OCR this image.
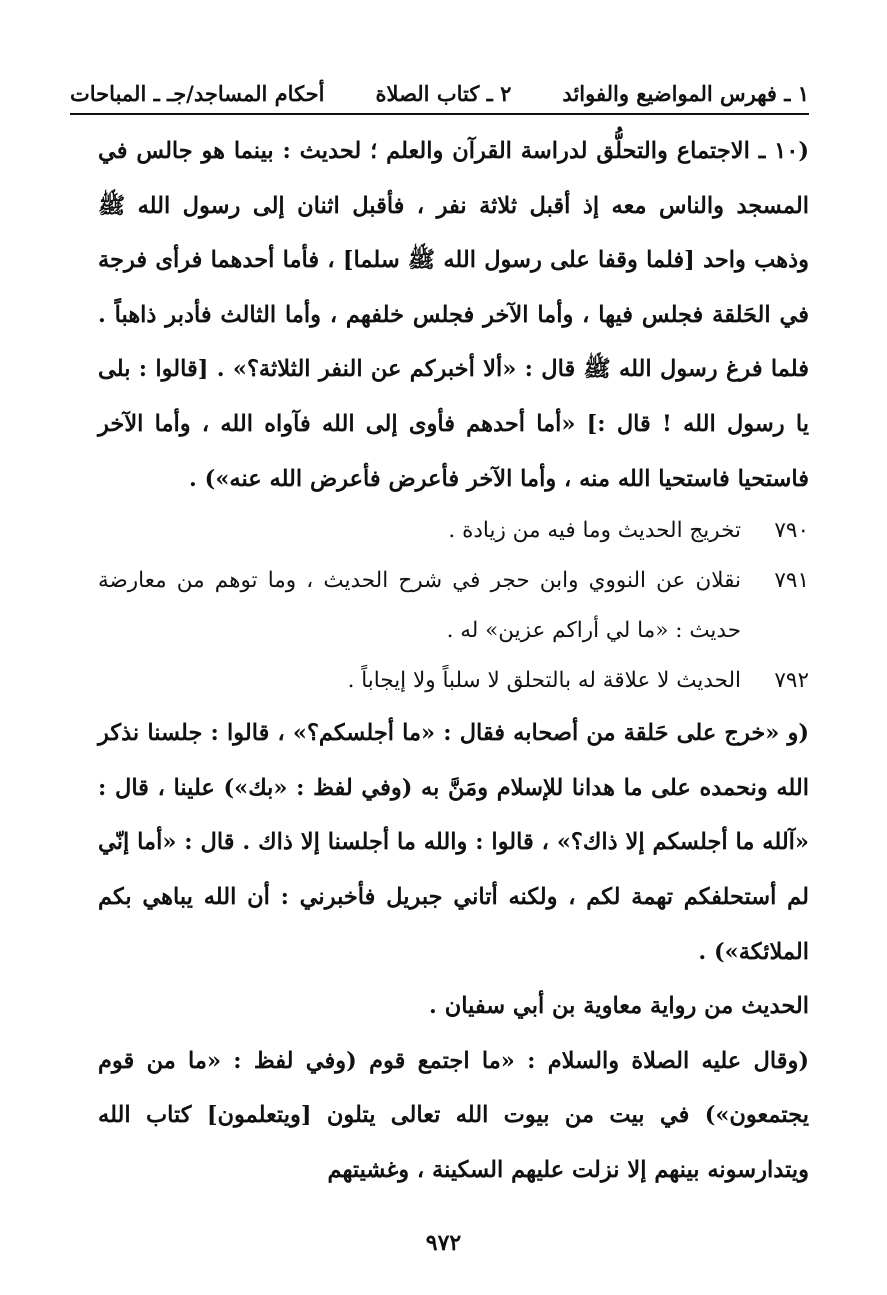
١ ـ فهرس المواضيع والفوائد
٢ ـ كتاب الصلاة
أحكام المساجد/جـ ـ المباحات

(١٠ ـ الاجتماع والتحلُّق لدراسة القرآن والعلم ؛ لحديث : بينما هو جالس في المسجد والناس معه إذ أقبل ثلاثة نفر ، فأقبل اثنان إلى رسول الله ﷺ وذهب واحد [فلما وقفا على رسول الله ﷺ سلما] ، فأما أحدهما فرأى فرجة في الحَلقة فجلس فيها ، وأما الآخر فجلس خلفهم ، وأما الثالث فأدبر ذاهباً . فلما فرغ رسول الله ﷺ قال : «ألا أخبركم عن النفر الثلاثة؟» . [قالوا : بلى يا رسول الله ! قال :] «أما أحدهم فأوى إلى الله فآواه الله ، وأما الآخر فاستحيا فاستحيا الله منه ، وأما الآخر فأعرض فأعرض الله عنه») .

٧٩٠
تخريج الحديث وما فيه من زيادة .
٧٩١
نقلان عن النووي وابن حجر في شرح الحديث ، وما توهم من معارضة حديث : «ما لي أراكم عزين» له .
٧٩٢
الحديث لا علاقة له بالتحلق لا سلباً ولا إيجاباً .

(و «خرج على حَلقة من أصحابه فقال : «ما أجلسكم؟» ، قالوا : جلسنا نذكر الله ونحمده على ما هدانا للإسلام ومَنَّ به (وفي لفظ : «بك») علينا ، قال : «آلله ما أجلسكم إلا ذاك؟» ، قالوا : والله ما أجلسنا إلا ذاك . قال : «أما إنّي لم أستحلفكم تهمة لكم ، ولكنه أتاني جبريل فأخبرني : أن الله يباهي بكم الملائكة») .

الحديث من رواية معاوية بن أبي سفيان .

(وقال عليه الصلاة والسلام : «ما اجتمع قوم (وفي لفظ : «ما من قوم يجتمعون») في بيت من بيوت الله تعالى يتلون [ويتعلمون] كتاب الله ويتدارسونه بينهم إلا نزلت عليهم السكينة ، وغشيتهم

٩٧٢
